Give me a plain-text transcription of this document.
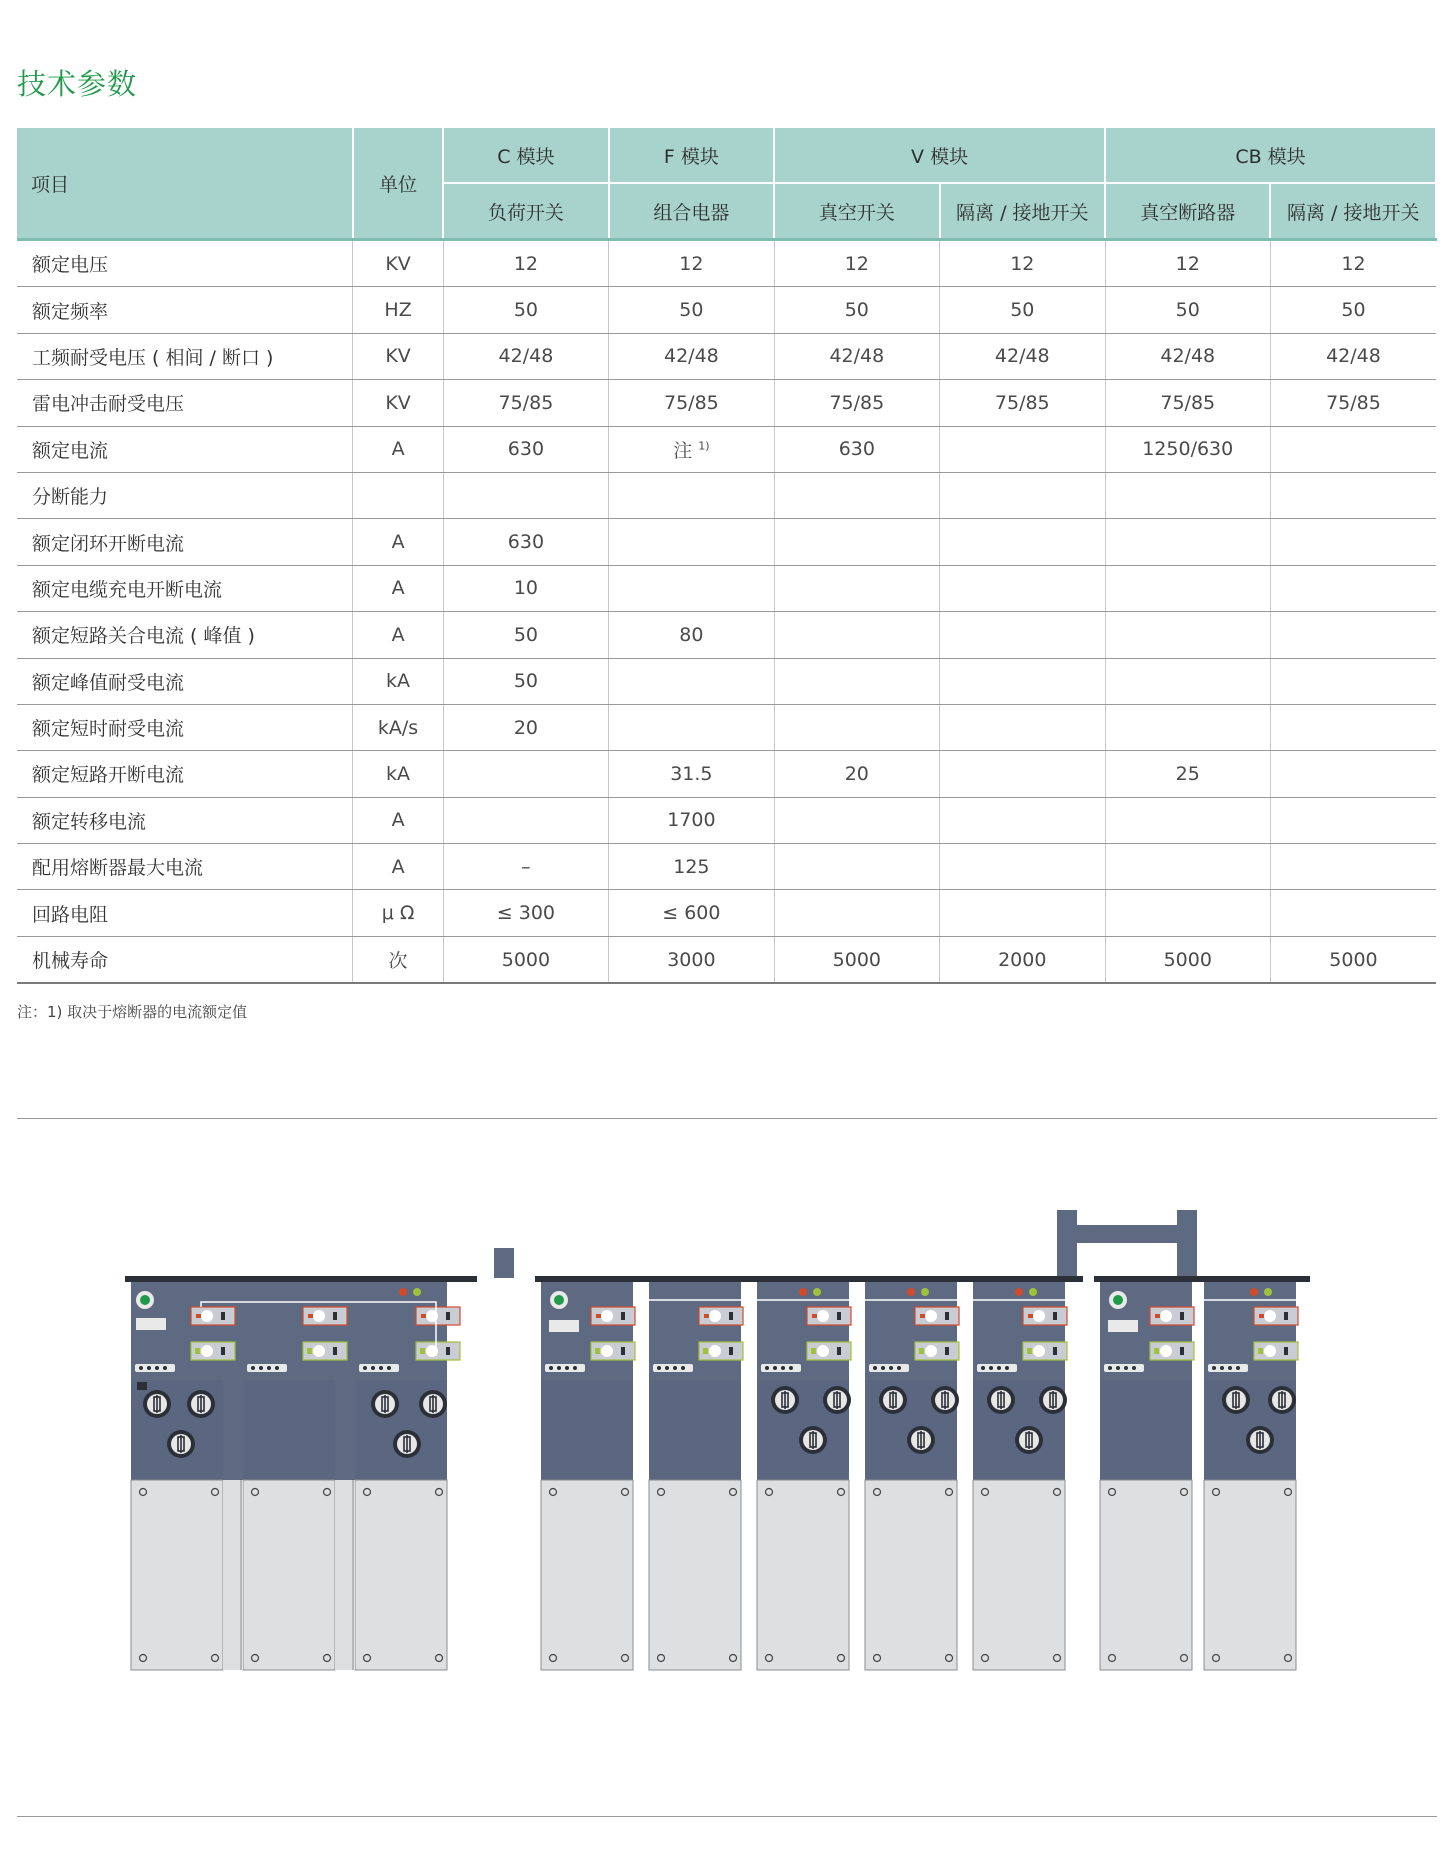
技术参数
项目	单位	C 模块	F 模块	V 模块		CB 模块	
		负荷开关	组合电器	真空开关	隔离 / 接地开关	真空断路器	隔离 / 接地开关
额定电压	KV	12	12	12	12	12	12
额定频率	HZ	50	50	50	50	50	50
工频耐受电压 ( 相间 / 断口 )	KV	42/48	42/48	42/48	42/48	42/48	42/48
雷电冲击耐受电压	KV	75/85	75/85	75/85	75/85	75/85	75/85
额定电流	A	630	注 $^{1)}$	630		1250/630	
分断能力							
额定闭环开断电流	A	630					
额定电缆充电开断电流	A	10					
额定短路关合电流 ( 峰值 )	A	50	80				
额定峰值耐受电流	kA	50					
额定短时耐受电流	kA/s	20					
额定短路开断电流	kA		31.5	20		25	
额定转移电流	A		1700				
配用熔断器最大电流	A	–	125				
回路电阻	μ Ω	≤ 300	≤ 600				
机械寿命	次	5000	3000	5000	2000	5000	5000
注：1) 取决于熔断器的电流额定值
